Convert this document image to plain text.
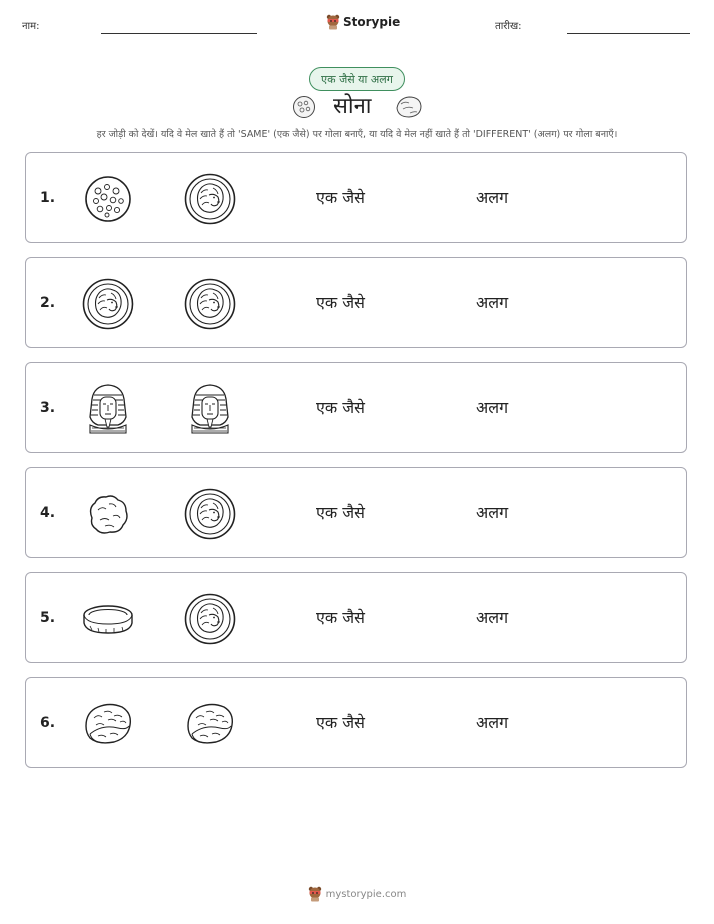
नाम:	Storypie	तारीख:
एक जैसे या अलग
सोना
हर जोड़ी को देखें। यदि वे मेल खाते हैं तो 'SAME' (एक जैसे) पर गोला बनाएँ, या यदि वे मेल नहीं खाते हैं तो 'DIFFERENT' (अलग) पर गोला बनाएँ।
1.	एक जैसे	अलग
2.	एक जैसे	अलग
3.	एक जैसे	अलग
4.	एक जैसे	अलग
5.	एक जैसे	अलग
6.	एक जैसे	अलग
mystorypie.com
